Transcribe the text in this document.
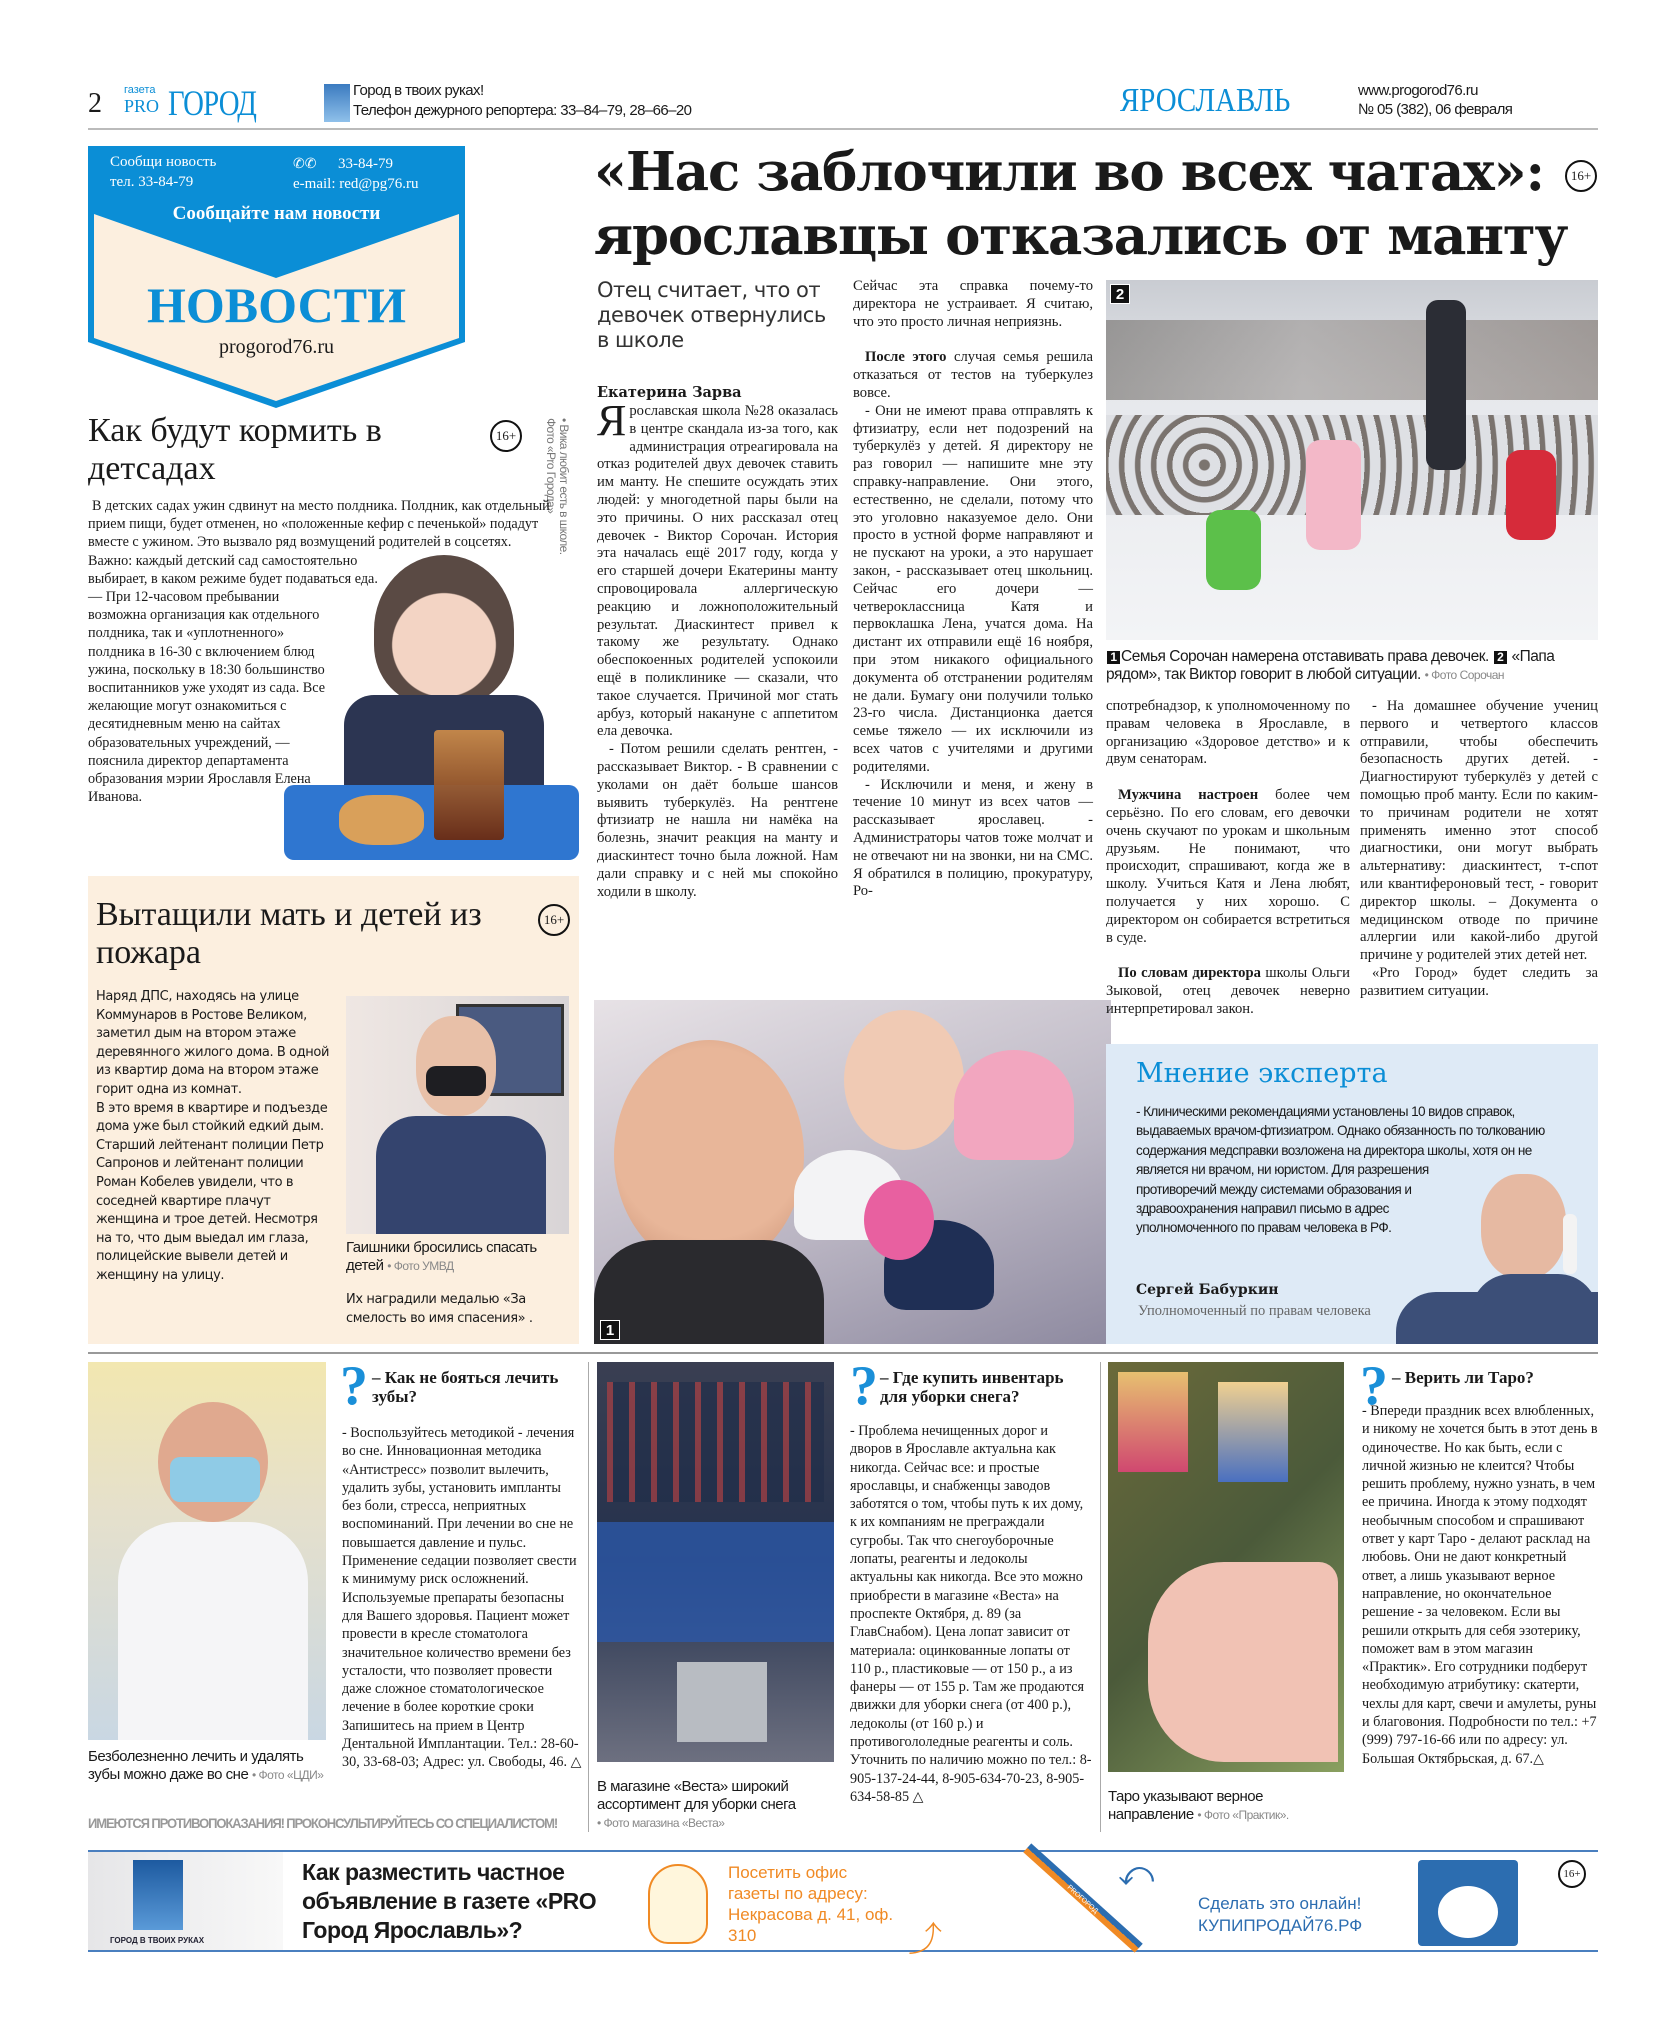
2 газета
PRO ГОРОД	Город в твоих руках!
Телефон дежурного репортера: 33–84–79, 28–66–20	ЯРОСЛАВЛЬ	www.progorod76.ru
№ 05 (382), 06 февраля
Сообщи новость
тел. 33-84-79
✆✆ 33-84-79
e-mail: red@pg76.ru
Сообщайте нам новости
НОВОСТИ
progorod76.ru
Как будут кормить в детсадах
16+	• Вика любит есть в школе.
Фото «Pro Города»

В детских садах ужин сдвинут на место полдника. Полдник, как отдельный прием пищи, будет отменен, но «положенные кефир с печенькой» подадут вместе с ужином. Это вызвало ряд возмущений родителей в соцсетях.

Важно: каждый детский сад самостоятельно выбирает, в каком режиме будет подаваться еда.

— При 12-часовом пребывании возможна организация как отдельного полдника, так и «уплотненного» полдника в 16-30 с включением блюд ужина, поскольку в 18:30 большинство воспитанников уже уходят из сада. Все желающие могут ознакомиться с десятидневным меню на сайтах образовательных учреждений, — пояснила директор департамента образования мэрии Ярославля Елена Иванова.

Вытащили мать и детей из пожара
16+

Наряд ДПС, находясь на улице Коммунаров в Ростове Великом, заметил дым на втором этаже деревянного жилого дома. В одной из квартир дома на втором этаже горит одна из комнат.

В это время в квартире и подъезде дома уже был стойкий едкий дым. Старший лейтенант полиции Петр Сапронов и лейтенант полиции Роман Кобелев увидели, что в соседней квартире плачут женщина и трое детей. Несмотря на то, что дым выедал им глаза, полицейские вывели детей и женщину на улицу.

Гаишники бросились спасать детей • Фото УМВД
Их наградили медалью «За смелость во имя спасения» .
«Нас заблочили во всех чатах»: ярославцы отказались от манту
16+
Отец считает, что от девочек отвернулись в школе
Екатерина Зарва

Ярославская школа №28 оказалась в центре скандала из-за того, как администрация отреагировала на отказ родителей двух девочек ставить им манту. Не спешите осуждать этих людей: у многодетной пары были на это причины. О них рассказал отец девочек - Виктор Сорочан. История эта началась ещё 2017 году, когда у его старшей дочери Екатерины манту спровоцировала аллергическую реакцию и ложноположительный результат. Диаскинтест привел к такому же результату. Однако обеспокоенных родителей успокоили ещё в поликлинике — сказали, что такое случается. Причиной мог стать арбуз, который накануне с аппетитом ела девочка.

- Потом решили сделать рентген, - рассказывает Виктор. - В сравнении с уколами он даёт больше шансов выявить туберкулёз. На рентгене фтизиатр не нашла ни намёка на болезнь, значит реакция на манту и диаскинтест точно была ложной. Нам дали справку и с ней мы спокойно ходили в школу.

Сейчас эта справка почему-то директора не устраивает. Я считаю, что это просто личная неприязнь.

После этого случая семья решила отказаться от тестов на туберкулез вовсе.

- Они не имеют права отправлять к фтизиатру, если нет подозрений на туберкулёз у детей. Я директору не раз говорил — напишите мне эту справку-направление. Они этого, естественно, не сделали, потому что это уголовно наказуемое дело. Они просто в устной форме направляют и не пускают на уроки, а это нарушает закон, - рассказывает отец школьниц. Сейчас его дочери — четвероклассница Катя и первоклашка Лена, учатся дома. На дистант их отправили ещё 16 ноября, при этом никакого официального документа об отстранении родителям не дали. Бумагу они получили только 23-го числа. Дистанционка дается семье тяжело — их исключили из всех чатов с учителями и другими родителями.

- Исключили и меня, и жену в течение 10 минут из всех чатов — рассказывает ярославец. - Администраторы чатов тоже молчат и не отвечают ни на звонки, ни на СМС. Я обратился в полицию, прокуратуру, Ро-

1
2
1 Семья Сорочан намерена отставивать права девочек. 2 «Папа рядом», так Виктор говорит в любой ситуации. • Фото Сорочан

спотребнадзор, к уполномоченному по правам человека в Ярославле, в организацию «Здоровое детство» и к двум сенаторам.

Мужчина настроен более чем серьёзно. По его словам, его девочки очень скучают по урокам и школьным друзьям. Не понимают, что происходит, спрашивают, когда же в школу. Учиться Катя и Лена любят, получается у них хорошо. С директором он собирается встретиться в суде.

По словам директора школы Ольги Зыковой, отец девочек неверно интерпретировал закон.

- На домашнее обучение учениц первого и четвертого классов отправили, чтобы обеспечить безопасность других детей. - Диагностируют туберкулёз у детей с помощью проб манту. Если по каким-то причинам родители не хотят применять именно этот способ диагностики, они могут выбрать альтернативу: диаскинтест, т-спот или квантифероновый тест, - говорит директор школы. – Документа о медицинском отводе по причине аллергии или какой-либо другой причине у родителей этих детей нет.

«Pro Город» будет следить за развитием ситуации.

Мнение эксперта
- Клиническими рекомендациями установлены 10 видов справок, выдаваемых врачом-фтизиатром. Однако обязанность по толкованию содержания медсправки возложена на директора школы, хотя он не является ни врачом, ни юристом. Для разрешения противоречий между системами образования и здравоохранения направил письмо в адрес уполномоченного по правам человека в РФ.
Сергей Бабуркин
Уполномоченный по правам человека
Безболезненно лечить и удалять зубы можно даже во сне • Фото «ЦДИ»
? – Как не бояться лечить зубы?
- Воспользуйтесь методикой - лечения во сне. Инновационная методика «Антистресс» позволит вылечить, удалить зубы, установить импланты без боли, стресса, неприятных воспоминаний. При лечении во сне не повышается давление и пульс. Применение седации позволяет свести к минимуму риск осложнений. Используемые препараты безопасны для Вашего здоровья. Пациент может провести в кресле стоматолога значительное количество времени без усталости, что позволяет провести даже сложное стоматологическое лечение в более короткие сроки Запишитесь на прием в Центр Дентальной Имплантации. Тел.: 28-60-30, 33-68-03; Адрес: ул. Свободы, 46. △
ИМЕЮТСЯ ПРОТИВОПОКАЗАНИЯ! ПРОКОНСУЛЬТИРУЙТЕСЬ СО СПЕЦИАЛИСТОМ!
В магазине «Веста» широкий ассортимент для уборки снега
• Фото магазина «Веста»
? – Где купить инвентарь для уборки снега?
- Проблема нечищенных дорог и дворов в Ярославле актуальна как никогда. Сейчас все: и простые ярославцы, и снабженцы заводов заботятся о том, чтобы путь к их дому, к их компаниям не преграждали сугробы. Так что снегоуборочные лопаты, реагенты и ледоколы актуальны как никогда. Все это можно приобрести в магазине «Веста» на проспекте Октября, д. 89 (за ГлавСнабом). Цена лопат зависит от материала: оцинкованные лопаты от 110 р., пластиковые — от 150 р., а из фанеры — от 155 р. Там же продаются движки для уборки снега (от 400 р.), ледоколы (от 160 р.) и противогололедные реагенты и соль. Уточнить по наличию можно по тел.: 8-905-137-24-44, 8-905-634-70-23, 8-905-634-58-85 △	Таро указывают верное направление • Фото «Практик».
? – Верить ли Таро?
- Впереди праздник всех влюбленных, и никому не хочется быть в этот день в одиночестве. Но как быть, если с личной жизнью не клеится? Чтобы решить проблему, нужно узнать, в чем ее причина. Иногда к этому подходят необычным способом и спрашивают ответ у карт Таро - делают расклад на любовь. Они не дают конкретный ответ, а лишь указывают верное направление, но окончательное решение - за человеком. Если вы решили открыть для себя эзотерику, поможет вам в этом магазин «Практик». Его сотрудники подберут необходимую атрибутику: скатерти, чехлы для карт, свечи и амулеты, руны и благовония. Подробности по тел.: +7 (999) 797-16-66 или по адресу: ул. Большая Октябрьская, д. 67.△
ГОРОД В ТВОИХ РУКАХ
Как разместить частное объявление в газете «PRO Город Ярославль»?
Посетить офис газеты по адресу: Некрасова д. 41, оф. 310
PROГОРОД
⤴
⤺
Сделать это онлайн!
КУПИПРОДАЙ76.РФ
16+
